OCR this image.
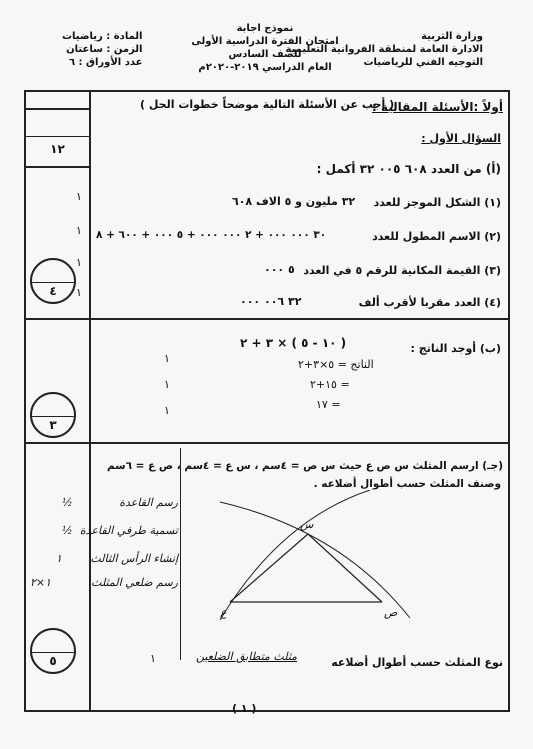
وزارة التربية
الادارة العامة لمنطقة الفروانية التعليمية
التوجيه الفني للرياضيات
نموذج اجابة
امتحان الفترة الدراسية الأولى
للصف السادس
العام الدراسي ٢٠١٩-٢٠٢٠م
المادة : رياضيات
الزمن : ساعتان
عدد الأوراق : ٦
١٢
أولاً :الأسئلة المقالية :
( أجب عن الأسئلة التالية موضحاً خطوات الحل )
السؤال الأول :
(أ) من العدد ٦٠٨ ٠٠٥ ٣٢ أكمل :
(١) الشكل الموجز للعدد
٣٢ مليون و ٥ الاف ٦٠٨
١
(٢) الاسم المطول للعدد
٣٠ ٠٠٠ ٠٠٠ + ٢ ٠٠٠ ٠٠٠ + ٥ ٠٠٠ + ٦٠٠ + ٨
١
(٣) القيمة المكانية للرقم ٥ في العدد
٥ ٠٠٠
١
(٤) العدد مقربا لأقرب ألف
٣٢ ٠٠٦ ٠٠٠
١
٤
(ب) أوجد الناتج :
( ١٠ - ٥ ) × ٣ + ٢
الناتج = ٥×٣+٢
= ١٥+٢
= ١٧
١
١
١
٣
(جـ) ارسم المثلث س ص ع حيث س ص = ٤سم ، س ع = ٤سم ، ص ع = ٦سم
وصنف المثلث حسب أطوال أضلاعه .
س
ع	ص
رسم القاعدة
½
تسمية طرفي القاعدة
½
إنشاء الرأس الثالث
١
رسم ضلعي المثلث
١×٢
نوع المثلث حسب أطوال أضلاعه
مثلث متطابق الضلعين
١
٥
( ١ )
